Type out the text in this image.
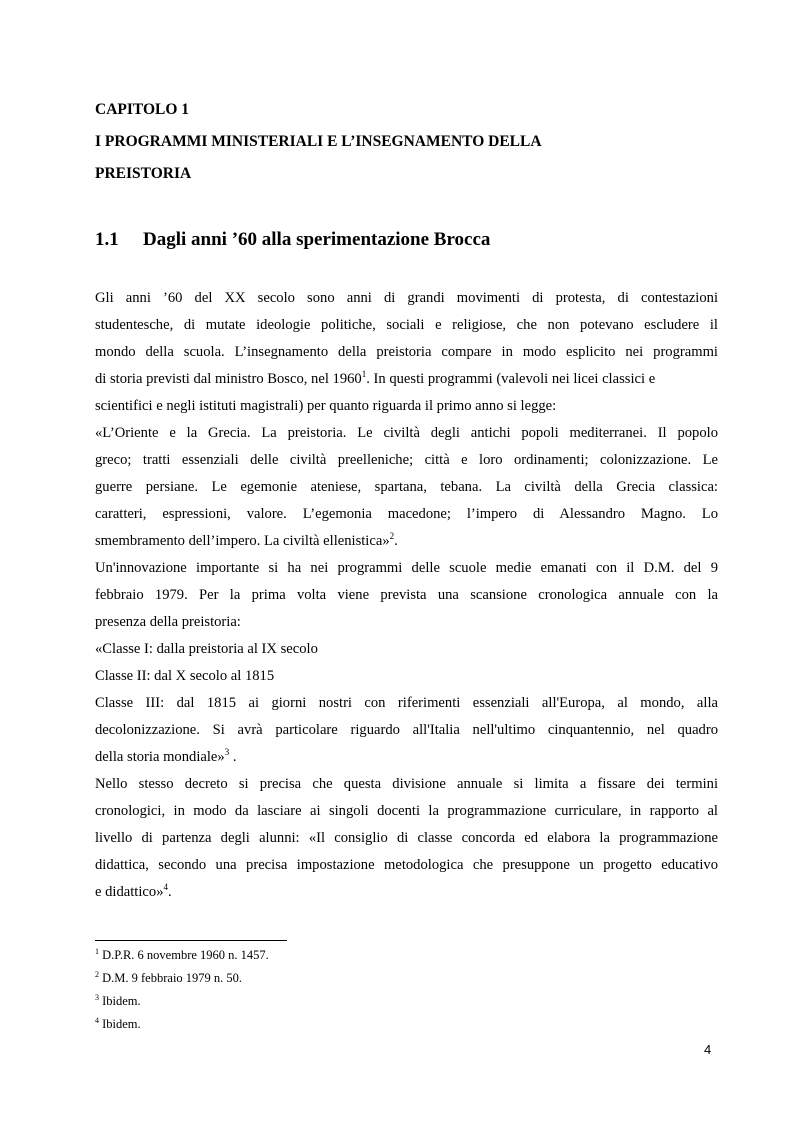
CAPITOLO 1
I PROGRAMMI MINISTERIALI E L’INSEGNAMENTO DELLA
PREISTORIA
1.1 Dagli anni ’60 alla sperimentazione Brocca
Gli anni ’60 del XX secolo sono anni di grandi movimenti di protesta, di contestazioni
studentesche, di mutate ideologie politiche, sociali e religiose, che non potevano escludere il
mondo della scuola. L’insegnamento della preistoria compare in modo esplicito nei programmi
di storia previsti dal ministro Bosco, nel 1960$^1$. In questi programmi (valevoli nei licei classici e
scientifici e negli istituti magistrali) per quanto riguarda il primo anno si legge:
«L’Oriente e la Grecia. La preistoria. Le civiltà degli antichi popoli mediterranei. Il popolo
greco; tratti essenziali delle civiltà preelleniche; città e loro ordinamenti; colonizzazione. Le
guerre persiane. Le egemonie ateniese, spartana, tebana. La civiltà della Grecia classica:
caratteri, espressioni, valore. L’egemonia macedone; l’impero di Alessandro Magno. Lo
smembramento dell’impero. La civiltà ellenistica»$^2$.
Un'innovazione importante si ha nei programmi delle scuole medie emanati con il D.M. del 9
febbraio 1979. Per la prima volta viene prevista una scansione cronologica annuale con la
presenza della preistoria:
«Classe I: dalla preistoria al IX secolo
Classe II: dal X secolo al 1815
Classe III: dal 1815 ai giorni nostri con riferimenti essenziali all'Europa, al mondo, alla
decolonizzazione. Si avrà particolare riguardo all'Italia nell'ultimo cinquantennio, nel quadro
della storia mondiale»$^3$ .
Nello stesso decreto si precisa che questa divisione annuale si limita a fissare dei termini
cronologici, in modo da lasciare ai singoli docenti la programmazione curriculare, in rapporto al
livello di partenza degli alunni: «Il consiglio di classe concorda ed elabora la programmazione
didattica, secondo una precisa impostazione metodologica che presuppone un progetto educativo
e didattico»$^4$.
$^1$ D.P.R. 6 novembre 1960 n. 1457.
$^2$ D.M. 9 febbraio 1979 n. 50.
$^3$ Ibidem.
$^4$ Ibidem.
4
